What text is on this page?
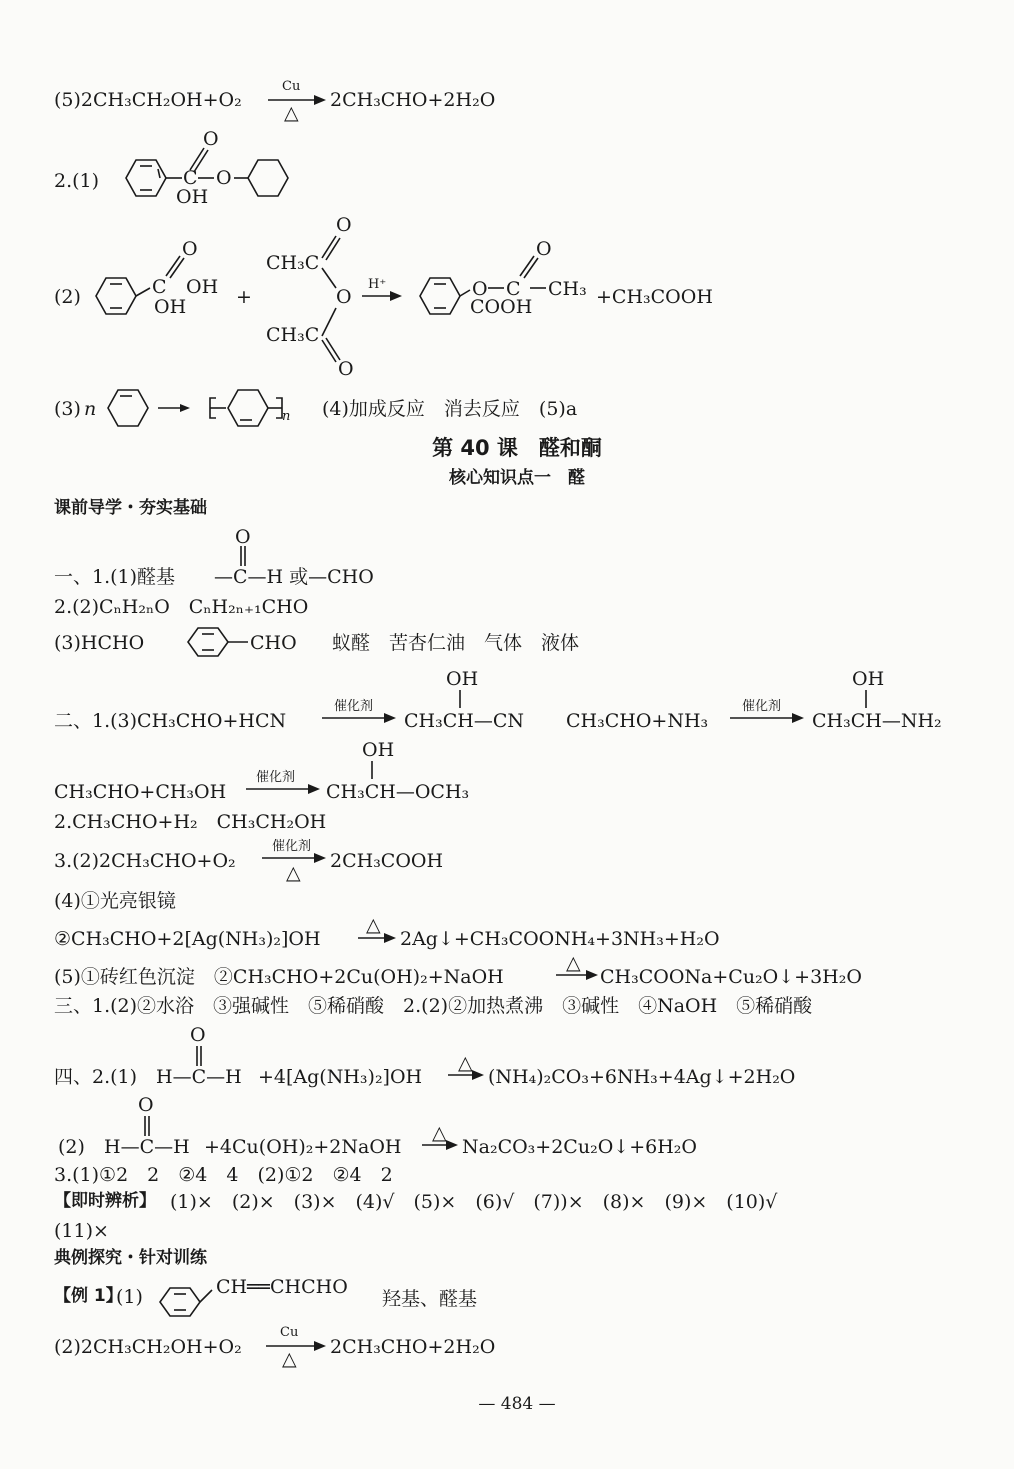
Cu
(5)2CH₃CH₂OH+O₂
△
2CH₃CHO+2H₂O
2.(1)	C
O
O
OH
(2)	C
O
OH
OH	+
CH₃C
O
O
CH₃C
O
H⁺	O
O
C CH₃
COOH	+CH₃COOH
(3) n	n (4)加成反应　消去反应　(5)a
第 40 课　醛和酮
核心知识点一　醛
课前导学・夯实基础
O
一、1.(1)醛基 —C—H 或—CHO
2.(2)CₙH₂ₙO　CₙH₂ₙ₊₁CHO
(3)HCHO	CHO 蚁醛　苦杏仁油　气体　液体
OH	OH
催化剂	催化剂
二、1.(3)CH₃CHO+HCN	CH₃CH—CN CH₃CHO+NH₃	CH₃CH—NH₂
OH
催化剂
CH₃CHO+CH₃OH	CH₃CH—OCH₃
2.CH₃CHO+H₂　CH₃CH₂OH
催化剂
3.(2)2CH₃CHO+O₂
△
2CH₃COOH
(4)①光亮银镜
△
②CH₃CHO+2[Ag(NH₃)₂]OH	2Ag↓+CH₃COONH₄+3NH₃+H₂O
△
(5)①砖红色沉淀　②CH₃CHO+2Cu(OH)₂+NaOH	CH₃COONa+Cu₂O↓+3H₂O
三、1.(2)②水浴　③强碱性　⑤稀硝酸　2.(2)②加热煮沸　③碱性　④NaOH　⑤稀硝酸
O
四、2.(1) H—C—H +4[Ag(NH₃)₂]OH
△
(NH₄)₂CO₃+6NH₃+4Ag↓+2H₂O
O
(2) H—C—H +4Cu(OH)₂+2NaOH
△
Na₂CO₃+2Cu₂O↓+6H₂O
3.(1)①2　2　②4　4　(2)①2　②4　2
【即时辨析】 (1)×　(2)×　(3)×　(4)√　(5)×　(6)√　(7))×　(8)×　(9)×　(10)√
(11)×
典例探究・针对训练
【例 1】
(1)	CH══CHCHO
羟基、醛基
Cu
(2)2CH₃CH₂OH+O₂
△
2CH₃CHO+2H₂O
— 484 —
